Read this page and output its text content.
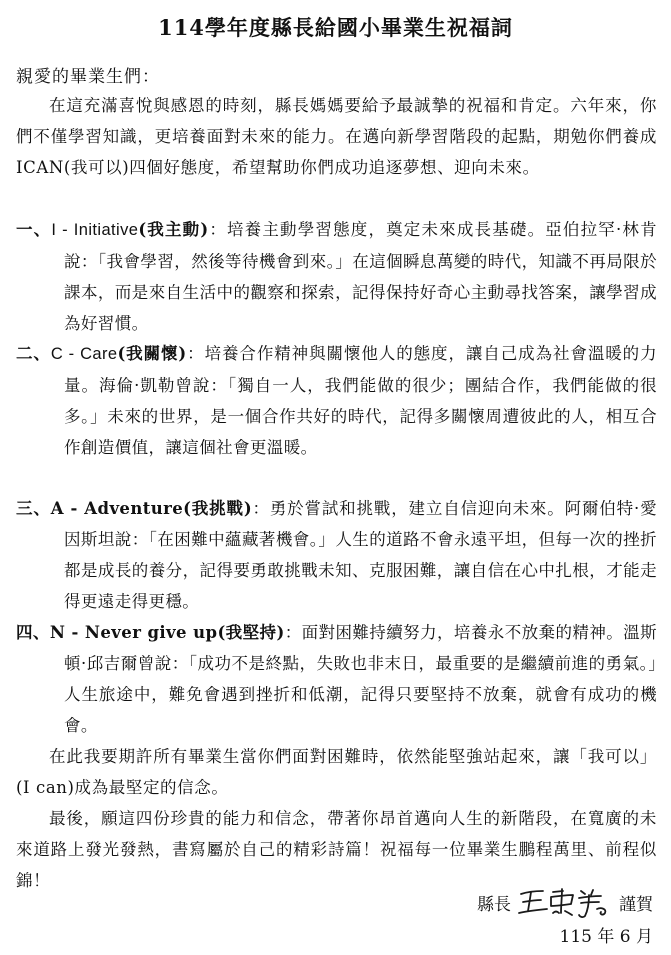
114學年度縣長給國小畢業生祝福詞
親愛的畢業生們：
在這充滿喜悅與感恩的時刻，縣長媽媽要給予最誠摯的祝福和肯定。六年來，你們不僅學習知識，更培養面對未來的能力。在邁向新學習階段的起點，期勉你們養成 ICAN(我可以)四個好態度，希望幫助你們成功追逐夢想、迎向未來。
一、I - Initiative(我主動)：培養主動學習態度，奠定未來成長基礎。亞伯拉罕·林肯說：「我會學習，然後等待機會到來。」在這個瞬息萬變的時代，知識不再局限於課本，而是來自生活中的觀察和探索，記得保持好奇心主動尋找答案，讓學習成為好習慣。
二、C - Care(我關懷)：培養合作精神與關懷他人的態度，讓自己成為社會溫暖的力量。海倫·凱勒曾說：「獨自一人，我們能做的很少；團結合作，我們能做的很多。」未來的世界，是一個合作共好的時代，記得多關懷周遭彼此的人，相互合作創造價值，讓這個社會更溫暖。
三、A - Adventure(我挑戰)：勇於嘗試和挑戰，建立自信迎向未來。阿爾伯特·愛因斯坦說：「在困難中蘊藏著機會。」人生的道路不會永遠平坦，但每一次的挫折都是成長的養分，記得要勇敢挑戰未知、克服困難，讓自信在心中扎根，才能走得更遠走得更穩。
四、N - Never give up(我堅持)：面對困難持續努力，培養永不放棄的精神。溫斯頓·邱吉爾曾說：「成功不是終點，失敗也非末日，最重要的是繼續前進的勇氣。」人生旅途中，難免會遇到挫折和低潮，記得只要堅持不放棄，就會有成功的機會。
在此我要期許所有畢業生當你們面對困難時，依然能堅強站起來，讓「我可以」(I can)成為最堅定的信念。
最後，願這四份珍貴的能力和信念，帶著你昂首邁向人生的新階段，在寬廣的未來道路上發光發熱，書寫屬於自己的精彩詩篇！祝福每一位畢業生鵬程萬里、前程似錦！
縣長	謹賀
115 年 6 月
